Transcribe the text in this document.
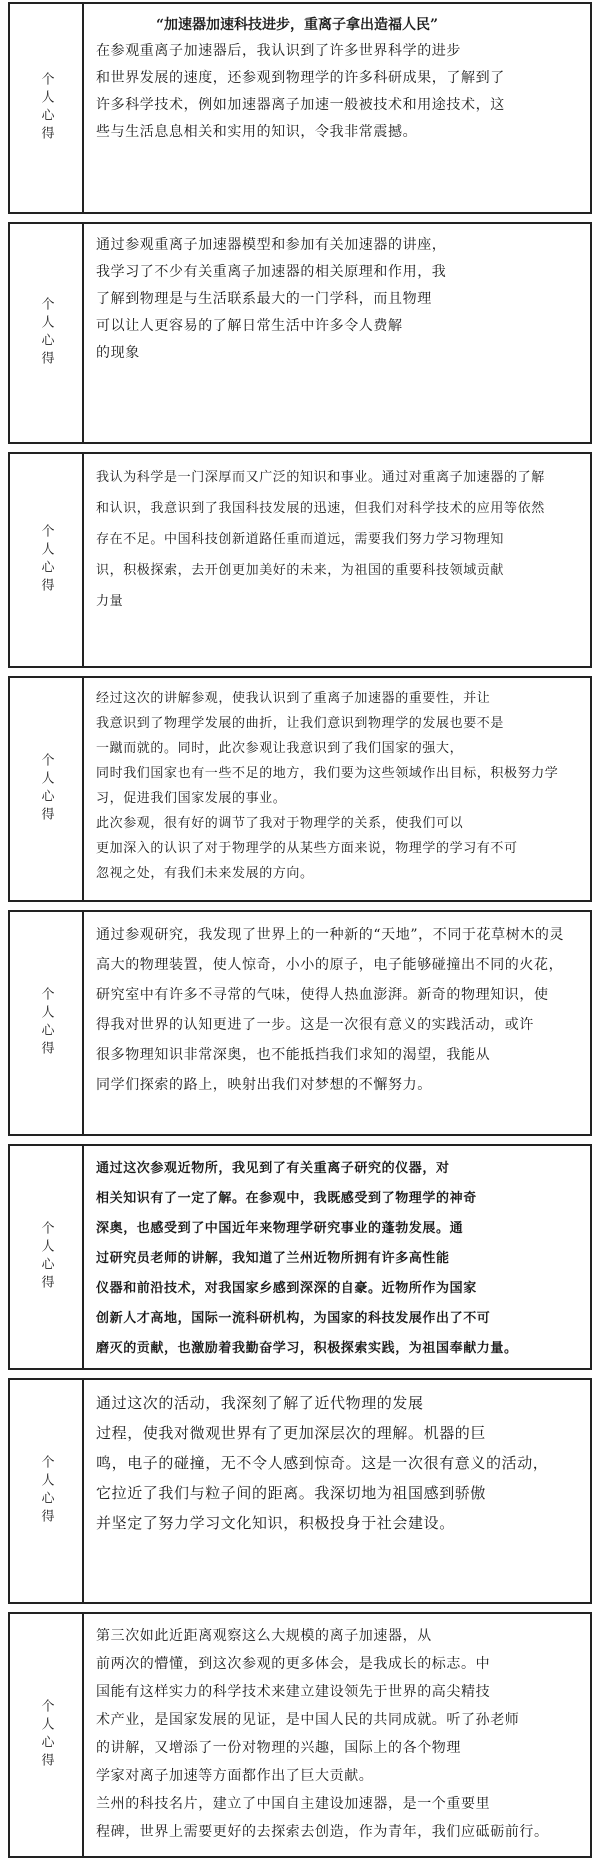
个人心得

“加速器加速科技进步，重离子拿出造福人民”

在参观重离子加速器后，我认识到了许多世界科学的进步
和世界发展的速度，还参观到物理学的许多科研成果，了解到了
许多科学技术，例如加速器离子加速一般被技术和用途技术，这
些与生活息息相关和实用的知识，令我非常震撼。

个人心得

通过参观重离子加速器模型和参加有关加速器的讲座，
我学习了不少有关重离子加速器的相关原理和作用，我
了解到物理是与生活联系最大的一门学科，而且物理
可以让人更容易的了解日常生活中许多令人费解
的现象

个人心得

我认为科学是一门深厚而又广泛的知识和事业。通过对重离子加速器的了解
和认识，我意识到了我国科技发展的迅速，但我们对科学技术的应用等依然
存在不足。中国科技创新道路任重而道远，需要我们努力学习物理知
识，积极探索，去开创更加美好的未来，为祖国的重要科技领域贡献
力量

个人心得

经过这次的讲解参观，使我认识到了重离子加速器的重要性，并让
我意识到了物理学发展的曲折，让我们意识到物理学的发展也要不是
一蹴而就的。同时，此次参观让我意识到了我们国家的强大，
同时我们国家也有一些不足的地方，我们要为这些领域作出目标，积极努力学
习，促进我们国家发展的事业。
此次参观，很有好的调节了我对于物理学的关系，使我们可以
更加深入的认识了对于物理学的从某些方面来说，物理学的学习有不可
忽视之处，有我们未来发展的方向。

个人心得

通过参观研究，我发现了世界上的一种新的“天地”，不同于花草树木的灵
高大的物理装置，使人惊奇，小小的原子，电子能够碰撞出不同的火花，
研究室中有许多不寻常的气味，使得人热血澎湃。新奇的物理知识，使
得我对世界的认知更进了一步。这是一次很有意义的实践活动，或许
很多物理知识非常深奥，也不能抵挡我们求知的渴望，我能从
同学们探索的路上，映射出我们对梦想的不懈努力。

个人心得

通过这次参观近物所，我见到了有关重离子研究的仪器，对
相关知识有了一定了解。在参观中，我既感受到了物理学的神奇
深奥，也感受到了中国近年来物理学研究事业的蓬勃发展。通
过研究员老师的讲解，我知道了兰州近物所拥有许多高性能
仪器和前沿技术，对我国家乡感到深深的自豪。近物所作为国家
创新人才高地，国际一流科研机构，为国家的科技发展作出了不可
磨灭的贡献，也激励着我勤奋学习，积极探索实践，为祖国奉献力量。

个人心得

通过这次的活动，我深刻了解了近代物理的发展
过程，使我对微观世界有了更加深层次的理解。机器的巨
鸣，电子的碰撞，无不令人感到惊奇。这是一次很有意义的活动，
它拉近了我们与粒子间的距离。我深切地为祖国感到骄傲
并坚定了努力学习文化知识，积极投身于社会建设。

个人心得

第三次如此近距离观察这么大规模的离子加速器，从
前两次的懵懂，到这次参观的更多体会，是我成长的标志。中
国能有这样实力的科学技术来建立建设领先于世界的高尖精技
术产业，是国家发展的见证，是中国人民的共同成就。听了孙老师
的讲解，又增添了一份对物理的兴趣，国际上的各个物理
学家对离子加速等方面都作出了巨大贡献。
兰州的科技名片，建立了中国自主建设加速器，是一个重要里
程碑，世界上需要更好的去探索去创造，作为青年，我们应砥砺前行。
